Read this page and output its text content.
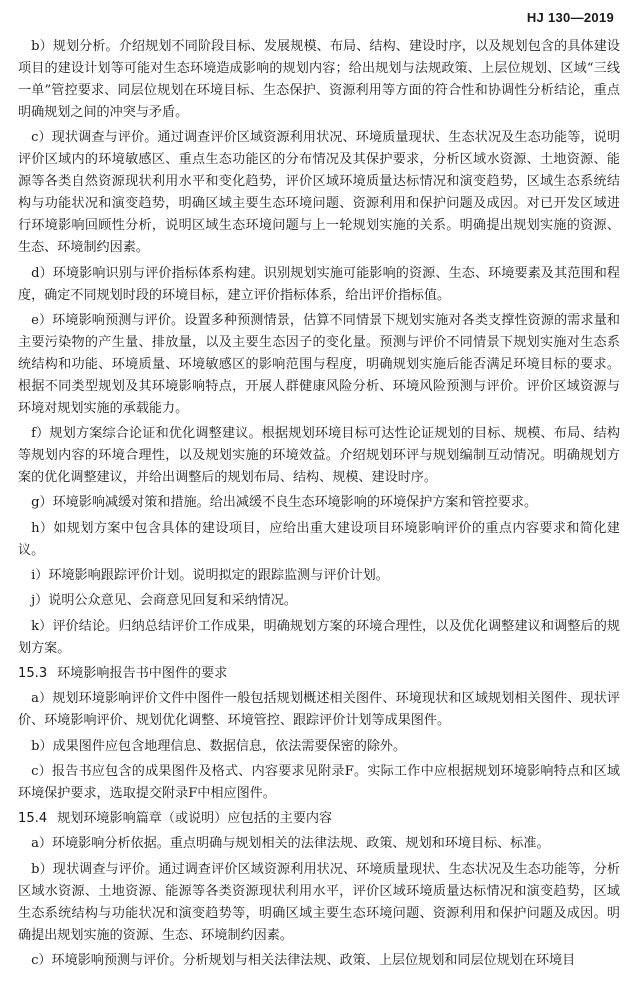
HJ 130—2019

b）规划分析。介绍规划不同阶段目标、发展规模、布局、结构、建设时序，以及规划包含的具体建设项目的建设计划等可能对生态环境造成影响的规划内容；给出规划与法规政策、上层位规划、区域“三线一单”管控要求、同层位规划在环境目标、生态保护、资源利用等方面的符合性和协调性分析结论，重点明确规划之间的冲突与矛盾。

c）现状调查与评价。通过调查评价区域资源利用状况、环境质量现状、生态状况及生态功能等，说明评价区域内的环境敏感区、重点生态功能区的分布情况及其保护要求，分析区域水资源、土地资源、能源等各类自然资源现状利用水平和变化趋势，评价区域环境质量达标情况和演变趋势，区域生态系统结构与功能状况和演变趋势，明确区域主要生态环境问题、资源利用和保护问题及成因。对已开发区域进行环境影响回顾性分析，说明区域生态环境问题与上一轮规划实施的关系。明确提出规划实施的资源、生态、环境制约因素。

d）环境影响识别与评价指标体系构建。识别规划实施可能影响的资源、生态、环境要素及其范围和程度，确定不同规划时段的环境目标，建立评价指标体系，给出评价指标值。

e）环境影响预测与评价。设置多种预测情景，估算不同情景下规划实施对各类支撑性资源的需求量和主要污染物的产生量、排放量，以及主要生态因子的变化量。预测与评价不同情景下规划实施对生态系统结构和功能、环境质量、环境敏感区的影响范围与程度，明确规划实施后能否满足环境目标的要求。根据不同类型规划及其环境影响特点，开展人群健康风险分析、环境风险预测与评价。评价区域资源与环境对规划实施的承载能力。

f）规划方案综合论证和优化调整建议。根据规划环境目标可达性论证规划的目标、规模、布局、结构等规划内容的环境合理性，以及规划实施的环境效益。介绍规划环评与规划编制互动情况。明确规划方案的优化调整建议，并给出调整后的规划布局、结构、规模、建设时序。

g）环境影响减缓对策和措施。给出减缓不良生态环境影响的环境保护方案和管控要求。

h）如规划方案中包含具体的建设项目，应给出重大建设项目环境影响评价的重点内容要求和简化建议。

i）环境影响跟踪评价计划。说明拟定的跟踪监测与评价计划。

j）说明公众意见、会商意见回复和采纳情况。

k）评价结论。归纳总结评价工作成果，明确规划方案的环境合理性，以及优化调整建议和调整后的规划方案。

15.3 环境影响报告书中图件的要求

a）规划环境影响评价文件中图件一般包括规划概述相关图件、环境现状和区域规划相关图件、现状评价、环境影响评价、规划优化调整、环境管控、跟踪评价计划等成果图件。

b）成果图件应包含地理信息、数据信息，依法需要保密的除外。

c）报告书应包含的成果图件及格式、内容要求见附录F。实际工作中应根据规划环境影响特点和区域环境保护要求，选取提交附录F中相应图件。

15.4 规划环境影响篇章（或说明）应包括的主要内容

a）环境影响分析依据。重点明确与规划相关的法律法规、政策、规划和环境目标、标准。

b）现状调查与评价。通过调查评价区域资源利用状况、环境质量现状、生态状况及生态功能等，分析区域水资源、土地资源、能源等各类资源现状利用水平，评价区域环境质量达标情况和演变趋势，区域生态系统结构与功能状况和演变趋势等，明确区域主要生态环境问题、资源利用和保护问题及成因。明确提出规划实施的资源、生态、环境制约因素。

c）环境影响预测与评价。分析规划与相关法律法规、政策、上层位规划和同层位规划在环境目
